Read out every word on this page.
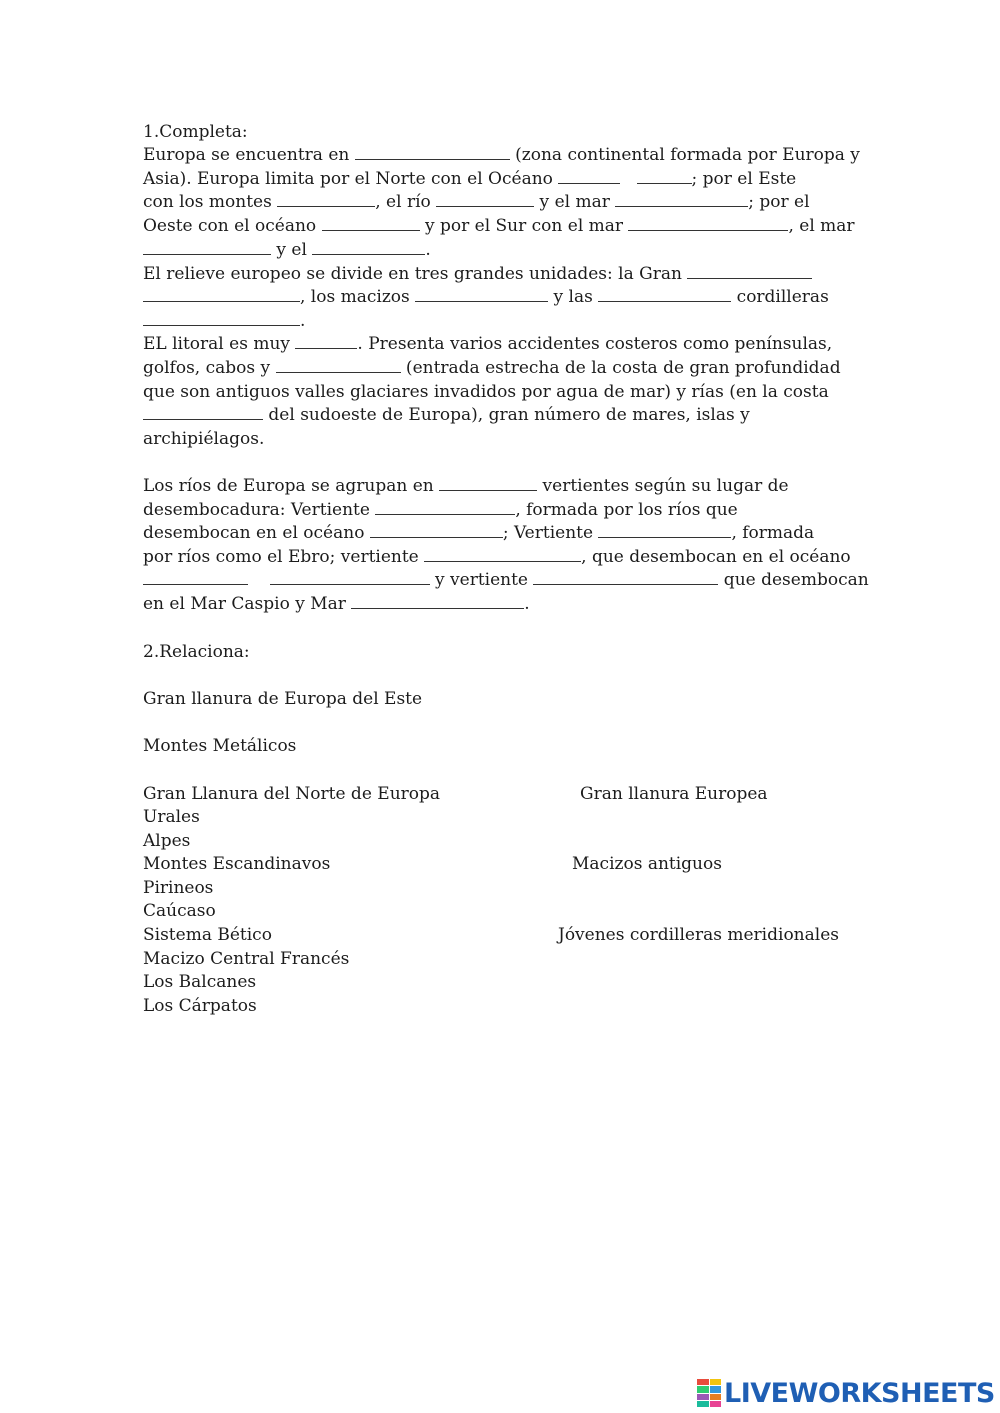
1.Completa:
Europa se encuentra en	(zona continental formada por Europa y
Asia). Europa limita por el Norte con el Océano	; por el Este
con los montes	, el río	y el mar	; por el
Oeste con el océano	y por el Sur con el mar	, el mar
y el	.
El relieve europeo se divide en tres grandes unidades: la Gran
, los macizos	y las	cordilleras
.
EL litoral es muy	. Presenta varios accidentes costeros como penínsulas,
golfos, cabos y	(entrada estrecha de la costa de gran profundidad
que son antiguos valles glaciares invadidos por agua de mar) y rías (en la costa
del sudoeste de Europa), gran número de mares, islas y
archipiélagos.
Los ríos de Europa se agrupan en	vertientes según su lugar de
desembocadura: Vertiente	, formada por los ríos que
desembocan en el océano	; Vertiente	, formada
por ríos como el Ebro; vertiente	, que desembocan en el océano
y vertiente	que desembocan
en el Mar Caspio y Mar	.
2.Relaciona:
Gran llanura de Europa del Este
Montes Metálicos
Gran Llanura del Norte de Europa
Urales
Alpes
Montes Escandinavos
Pirineos
Caúcaso
Sistema Bético
Macizo Central Francés
Los Balcanes
Los Cárpatos
Gran llanura Europea
Macizos antiguos
Jóvenes cordilleras meridionales
LIVEWORKSHEETS
